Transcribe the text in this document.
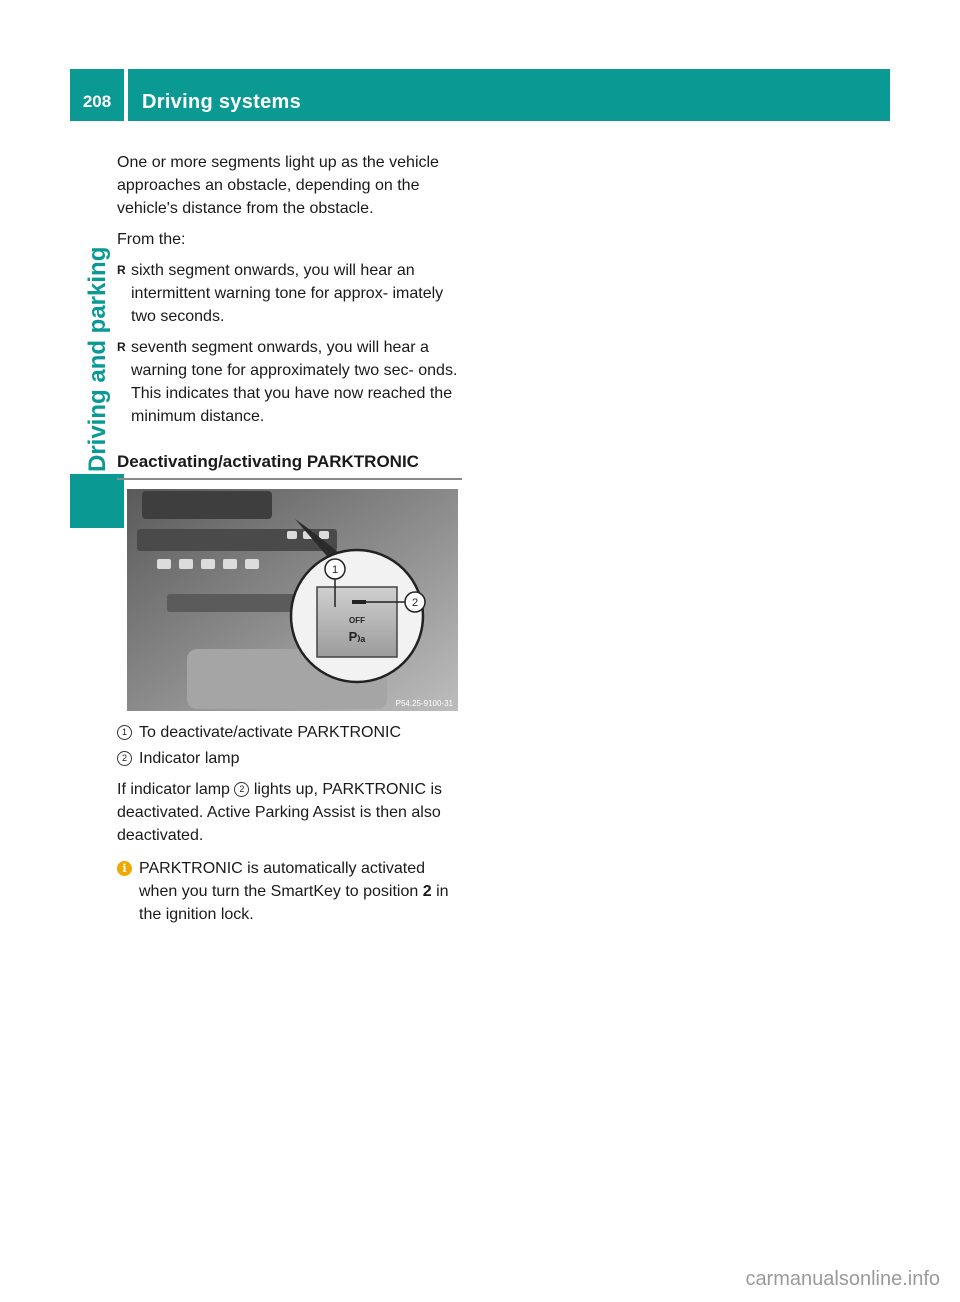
208	Driving systems
Driving and parking

One or more segments light up as the vehicle approaches an obstacle, depending on the vehicle's distance from the obstacle.

From the:

R sixth segment onwards, you will hear an intermittent warning tone for approx- imately two seconds.
R seventh segment onwards, you will hear a warning tone for approximately two sec- onds. This indicates that you have now reached the minimum distance.
Deactivating/activating PARKTRONIC
OFF
P₎ₐ
1
2
P54.25-9100-31
1 To deactivate/activate PARKTRONIC
2 Indicator lamp

If indicator lamp 2 lights up, PARKTRONIC is deactivated. Active Parking Assist is then also deactivated.

i PARKTRONIC is automatically activated when you turn the SmartKey to position 2 in the ignition lock.
carmanualsonline.info
